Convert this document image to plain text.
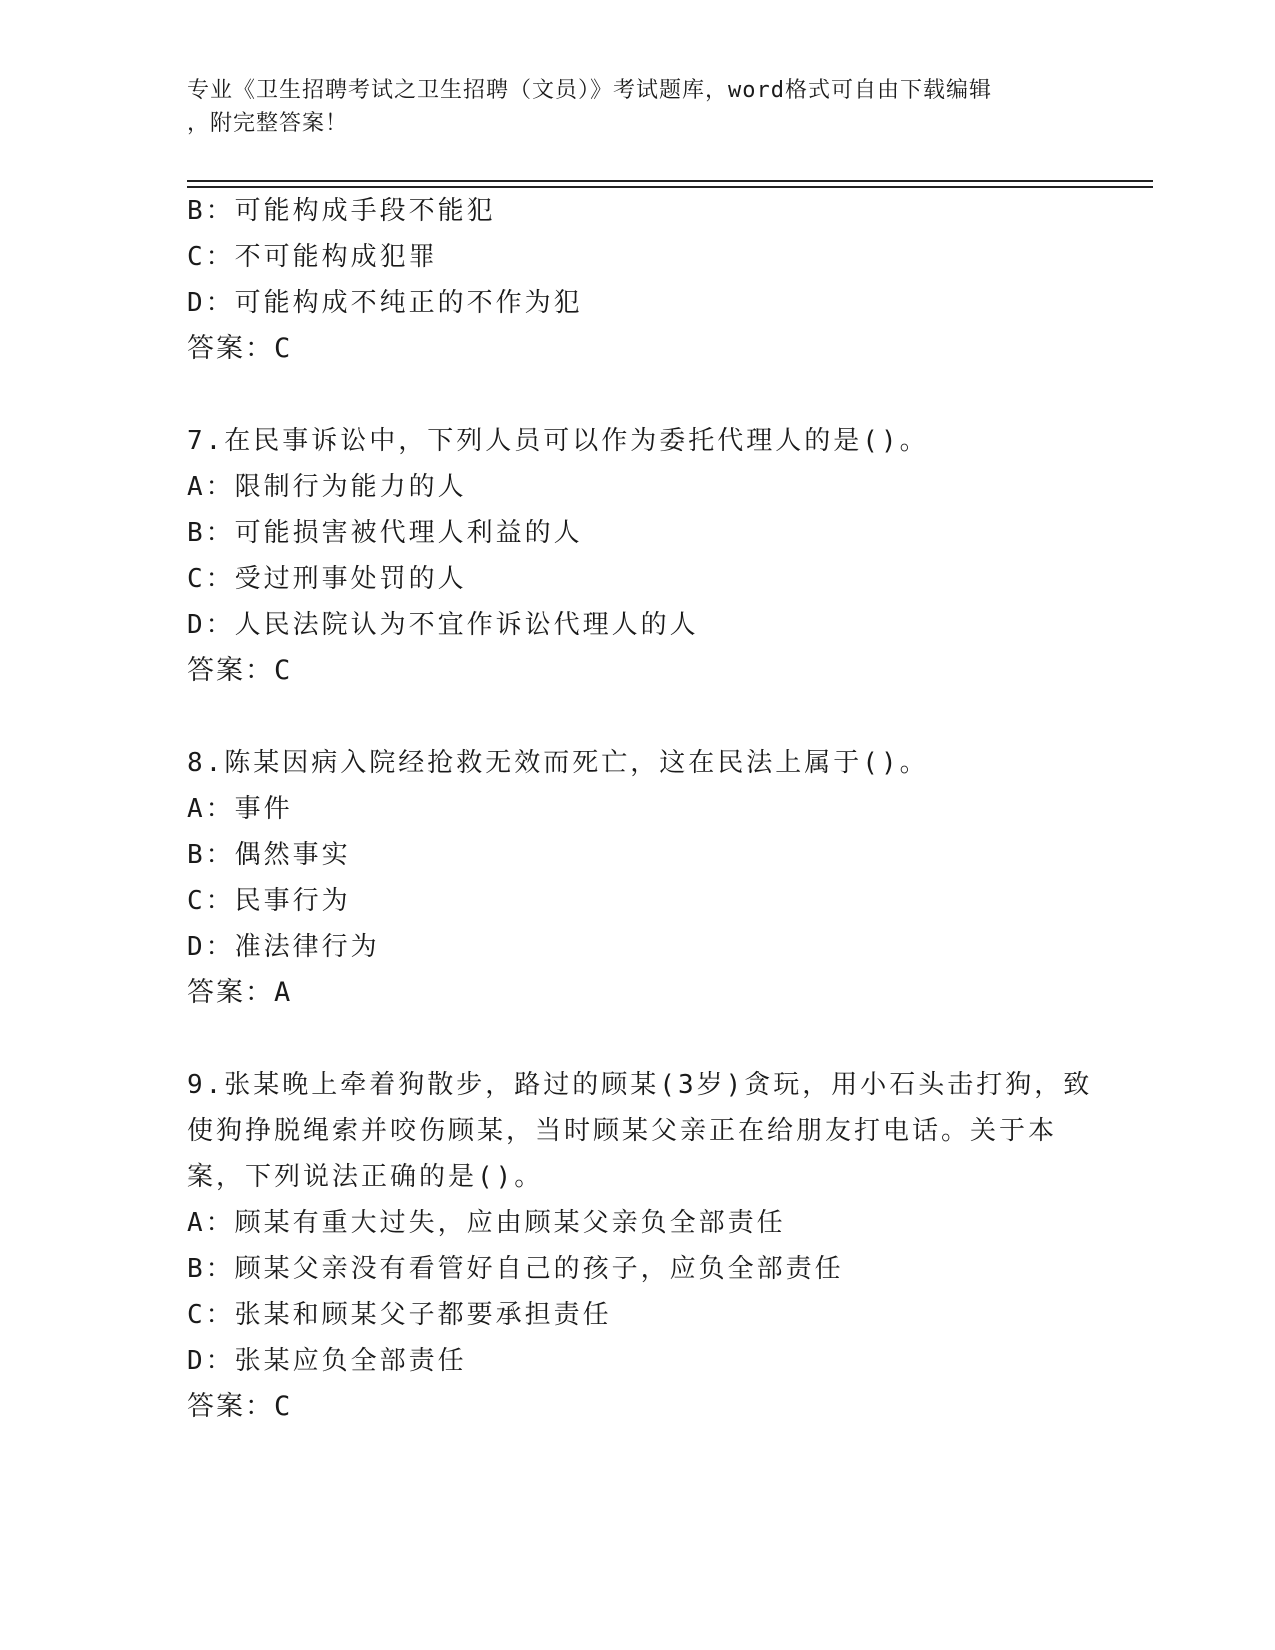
专业《卫生招聘考试之卫生招聘（文员）》考试题库，word格式可自由下载编辑
，附完整答案！
B：可能构成手段不能犯
C：不可能构成犯罪
D：可能构成不纯正的不作为犯
答案：C
7.在民事诉讼中，下列人员可以作为委托代理人的是()。
A：限制行为能力的人
B：可能损害被代理人利益的人
C：受过刑事处罚的人
D：人民法院认为不宜作诉讼代理人的人
答案：C
8.陈某因病入院经抢救无效而死亡，这在民法上属于()。
A：事件
B：偶然事实
C：民事行为
D：准法律行为
答案：A
9.张某晚上牵着狗散步，路过的顾某(3岁)贪玩，用小石头击打狗，致
使狗挣脱绳索并咬伤顾某，当时顾某父亲正在给朋友打电话。关于本
案，下列说法正确的是()。
A：顾某有重大过失，应由顾某父亲负全部责任
B：顾某父亲没有看管好自己的孩子，应负全部责任
C：张某和顾某父子都要承担责任
D：张某应负全部责任
答案：C
